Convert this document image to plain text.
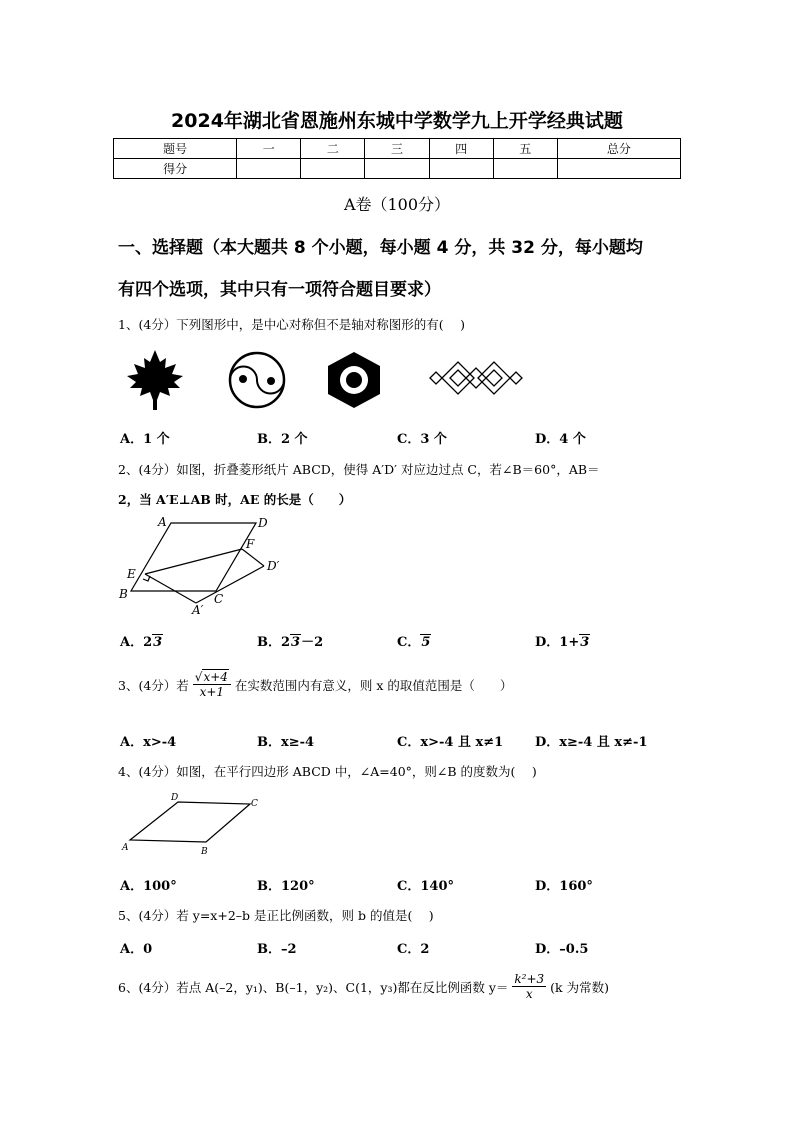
2024年湖北省恩施州东城中学数学九上开学经典试题
题号	一	二	三	四	五	总分
得分						
A卷（100分）
一、选择题（本大题共 8 个小题，每小题 4 分，共 32 分，每小题均
有四个选项，其中只有一项符合题目要求）
1、(4分）下列图形中，是中心对称但不是轴对称图形的有(　 )
A．1 个	B．2 个	C．3 个	D．4 个
2、(4分）如图，折叠菱形纸片 ABCD，使得 A′D′ 对应边过点 C，若∠B＝60°，AB＝
2，当 A′E⊥AB 时，AE 的长是（　　）
A	D
F
E
D′
B	C
A′
A．23	B．23－2	C．5	D．1+3
3、(4分）若 $\frac{√x+4}{x+1}$ 在实数范围内有意义，则 x 的取值范围是（　　）
A．x>-4	B．x≥-4	C．x>-4 且 x≠1 D．x≥-4 且 x≠-1
4、(4分）如图，在平行四边形 ABCD 中，∠A=40°，则∠B 的度数为(　 )
D
C
A	B
A．100°	B．120°	C．140°	D．160°
5、(4分）若 y=x+2–b 是正比例函数，则 b 的值是(　 )
A．0	B．–2	C．2	D．–0.5
6、(4分）若点 A(–2，y₁)、B(–1，y₂)、C(1，y₃)都在反比例函数 $y= \frac{\text{k²+3}}{x} (k$ 为常数)
